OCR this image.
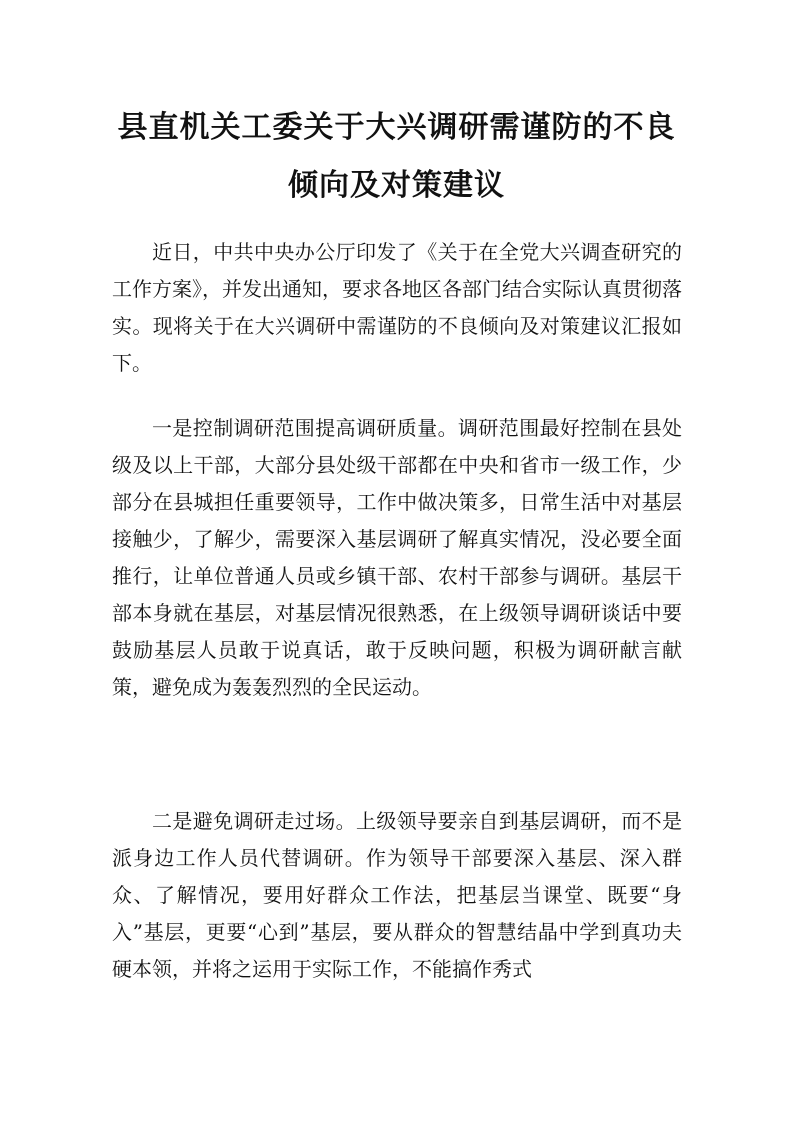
县直机关工委关于大兴调研需谨防的不良
倾向及对策建议

近日，中共中央办公厅印发了《关于在全党大兴调查研究的工作方案》，并发出通知，要求各地区各部门结合实际认真贯彻落实。现将关于在大兴调研中需谨防的不良倾向及对策建议汇报如下。

一是控制调研范围提高调研质量。调研范围最好控制在县处级及以上干部，大部分县处级干部都在中央和省市一级工作，少部分在县城担任重要领导，工作中做决策多，日常生活中对基层接触少，了解少，需要深入基层调研了解真实情况，没必要全面推行，让单位普通人员或乡镇干部、农村干部参与调研。基层干部本身就在基层，对基层情况很熟悉，在上级领导调研谈话中要鼓励基层人员敢于说真话，敢于反映问题，积极为调研献言献策，避免成为轰轰烈烈的全民运动。

二是避免调研走过场。上级领导要亲自到基层调研，而不是派身边工作人员代替调研。作为领导干部要深入基层、深入群众、了解情况，要用好群众工作法，把基层当课堂、既要“身入”基层，更要“心到”基层，要从群众的智慧结晶中学到真功夫硬本领，并将之运用于实际工作，不能搞作秀式
